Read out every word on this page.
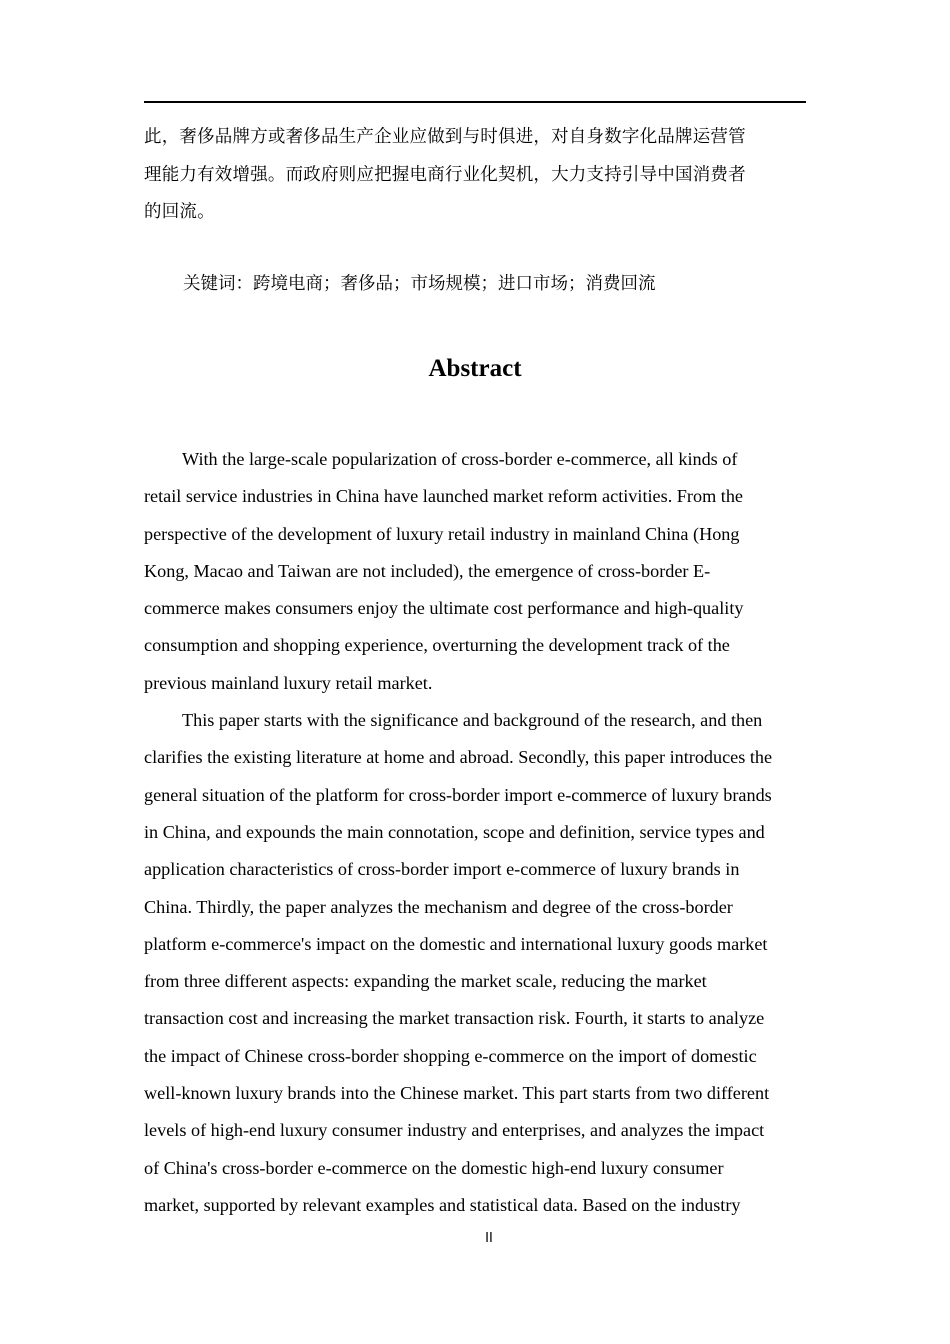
此，奢侈品牌方或奢侈品生产企业应做到与时俱进，对自身数字化品牌运营管
理能力有效增强。而政府则应把握电商行业化契机，大力支持引导中国消费者
的回流。

关键词：跨境电商；奢侈品；市场规模；进口市场；消费回流

Abstract

With the large-scale popularization of cross-border e-commerce, all kinds of
retail service industries in China have launched market reform activities. From the
perspective of the development of luxury retail industry in mainland China (Hong
Kong, Macao and Taiwan are not included), the emergence of cross-border E-
commerce makes consumers enjoy the ultimate cost performance and high-quality
consumption and shopping experience, overturning the development track of the
previous mainland luxury retail market.

This paper starts with the significance and background of the research, and then
clarifies the existing literature at home and abroad. Secondly, this paper introduces the
general situation of the platform for cross-border import e-commerce of luxury brands
in China, and expounds the main connotation, scope and definition, service types and
application characteristics of cross-border import e-commerce of luxury brands in
China. Thirdly, the paper analyzes the mechanism and degree of the cross-border
platform e-commerce's impact on the domestic and international luxury goods market
from three different aspects: expanding the market scale, reducing the market
transaction cost and increasing the market transaction risk. Fourth, it starts to analyze
the impact of Chinese cross-border shopping e-commerce on the import of domestic
well-known luxury brands into the Chinese market. This part starts from two different
levels of high-end luxury consumer industry and enterprises, and analyzes the impact
of China's cross-border e-commerce on the domestic high-end luxury consumer
market, supported by relevant examples and statistical data. Based on the industry

II
